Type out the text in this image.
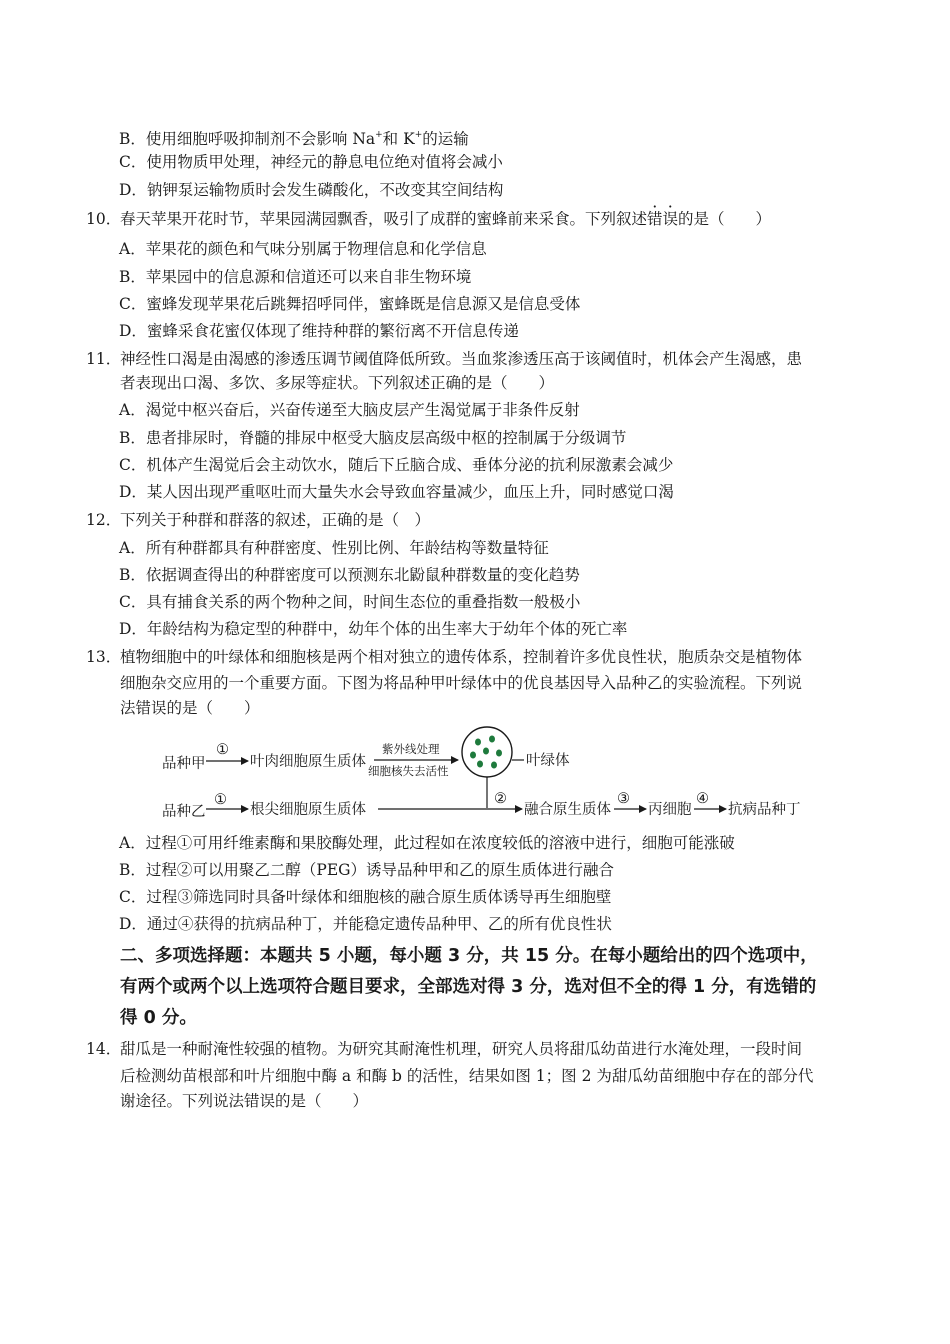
B．使用细胞呼吸抑制剂不会影响 Na+和 K+的运输
C．使用物质甲处理，神经元的静息电位绝对值将会减小
D．钠钾泵运输物质时会发生磷酸化，不改变其空间结构
10．
春天苹果开花时节，苹果园满园飘香，吸引了成群的蜜蜂前来采食。下列叙述错误的是（　　）
A．苹果花的颜色和气味分别属于物理信息和化学信息
B．苹果园中的信息源和信道还可以来自非生物环境
C．蜜蜂发现苹果花后跳舞招呼同伴，蜜蜂既是信息源又是信息受体
D．蜜蜂采食花蜜仅体现了维持种群的繁衍离不开信息传递
11．
神经性口渴是由渴感的渗透压调节阈值降低所致。当血浆渗透压高于该阈值时，机体会产生渴感，患
者表现出口渴、多饮、多尿等症状。下列叙述正确的是（　　）
A．渴觉中枢兴奋后，兴奋传递至大脑皮层产生渴觉属于非条件反射
B．患者排尿时，脊髓的排尿中枢受大脑皮层高级中枢的控制属于分级调节
C．机体产生渴觉后会主动饮水，随后下丘脑合成、垂体分泌的抗利尿激素会减少
D．某人因出现严重呕吐而大量失水会导致血容量减少，血压上升，同时感觉口渴
12．
下列关于种群和群落的叙述，正确的是（　）
A．所有种群都具有种群密度、性别比例、年龄结构等数量特征
B．依据调查得出的种群密度可以预测东北鼢鼠种群数量的变化趋势
C．具有捕食关系的两个物种之间，时间生态位的重叠指数一般极小
D．年龄结构为稳定型的种群中，幼年个体的出生率大于幼年个体的死亡率
13．
植物细胞中的叶绿体和细胞核是两个相对独立的遗传体系，控制着许多优良性状，胞质杂交是植物体
细胞杂交应用的一个重要方面。下图为将品种甲叶绿体中的优良基因导入品种乙的实验流程。下列说
法错误的是（　　）
品种甲
①
叶肉细胞原生质体
紫外线处理
细胞核失去活性
叶绿体
品种乙
①
根尖细胞原生质体
②
融合原生质体
③
丙细胞
④
抗病品种丁
A．过程①可用纤维素酶和果胶酶处理，此过程如在浓度较低的溶液中进行，细胞可能涨破
B．过程②可以用聚乙二醇（PEG）诱导品种甲和乙的原生质体进行融合
C．过程③筛选同时具备叶绿体和细胞核的融合原生质体诱导再生细胞壁
D．通过④获得的抗病品种丁，并能稳定遗传品种甲、乙的所有优良性状
二、多项选择题：本题共 5 小题，每小题 3 分，共 15 分。在每小题给出的四个选项中，
有两个或两个以上选项符合题目要求，全部选对得 3 分，选对但不全的得 1 分，有选错的
得 0 分。
14．
甜瓜是一种耐淹性较强的植物。为研究其耐淹性机理，研究人员将甜瓜幼苗进行水淹处理，一段时间
后检测幼苗根部和叶片细胞中酶 a 和酶 b 的活性，结果如图 1；图 2 为甜瓜幼苗细胞中存在的部分代
谢途径。下列说法错误的是（　　）
